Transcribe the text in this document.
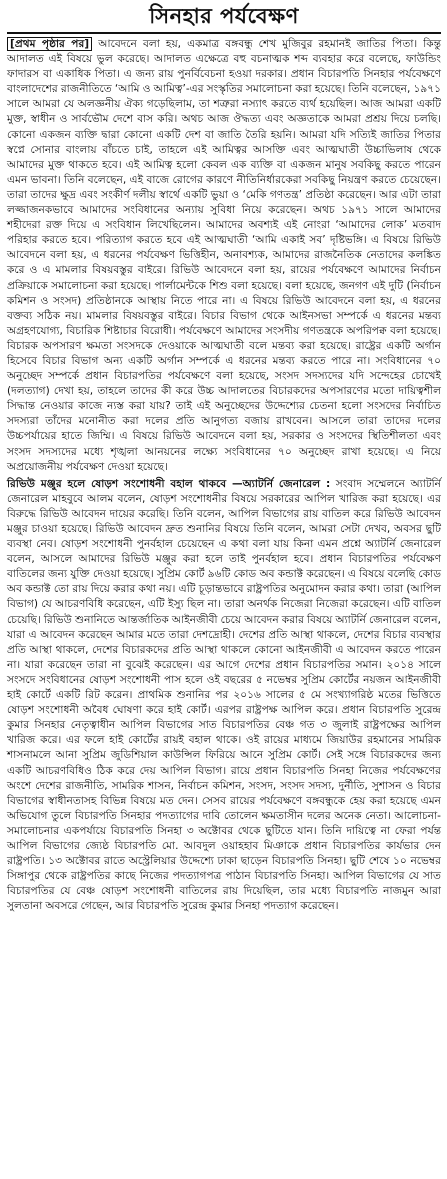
সিনহার পর্যবেক্ষণ

[প্রথম পৃষ্ঠার পর] আবেদনে বলা হয়, একমাত্র বঙ্গবন্ধু শেখ মুজিবুর রহমানই জাতির পিতা। কিন্তু আদালত এই বিষয়ে ভুল করেছে। আদালত এক্ষেত্রে বহু বচনাত্মক শব্দ ব্যবহার করে বলেছে, ফাউন্ডিং ফাদারস বা একাধিক পিতা। এ জন্য রায় পুনর্বিবেচনা হওয়া দরকার। প্রধান বিচারপতি সিনহার পর্যবেক্ষণে বাংলাদেশের রাজনীতিতে ‘আমি ও আমিত্ব’-এর সংস্কৃতির সমালোচনা করা হয়েছে। তিনি বলেছেন, ১৯৭১ সালে আমরা যে অলজ্ঞনীয় ঐক্য গড়েছিলাম, তা শত্রুরা নস্যাৎ করতে ব্যর্থ হয়েছিল। আজ আমরা একটি মুক্ত, স্বাধীন ও সার্বভৌম দেশে বাস করি। অথচ আজ ঔদ্ধত্য এবং অজ্ঞতাকে আমরা প্রশ্রয় দিয়ে চলছি। কোনো একজন ব্যক্তি দ্বারা কোনো একটি দেশ বা জাতি তৈরি হয়নি। আমরা যদি সত্যিই জাতির পিতার স্বপ্নে সোনার বাংলায় বাঁচতে চাই, তাহলে এই আমিত্বর আসক্তি এবং আত্মঘাতী উচ্চাভিলাষ থেকে আমাদের মুক্ত থাকতে হবে। এই আমিত্ব হলো কেবল এক ব্যক্তি বা একজন মানুষ সবকিছু করতে পারেন এমন ভাবনা। তিনি বলেছেন, এই বাজে রোগের কারণে নীতিনির্ধারকেরা সবকিছু নিয়ন্ত্রণ করতে চেয়েছেন। তারা তাদের ক্ষুদ্র এবং সংকীর্ণ দলীয় স্বার্থে একটি ভুয়া ও ‘মেকি গণতন্ত্র’ প্রতিষ্ঠা করেছেন। আর এটা তারা লজ্জাজনকভাবে আমাদের সংবিধানের অন্যায় সুবিধা নিয়ে করেছেন। অথচ ১৯৭১ সালে আমাদের শহীদেরা রক্ত দিয়ে এ সংবিধান লিখেছিলেন। আমাদের অবশ্যই এই নোংরা ‘আমাদের লোক’ মতবাদ পরিহার করতে হবে। পরিত্যাগ করতে হবে এই আত্মঘাতী ‘আমি একাই সব’ দৃষ্টিভঙ্গি। এ বিষয়ে রিভিউ আবেদনে বলা হয়, এ ধরনের পর্যবেক্ষণ ভিত্তিহীন, অনাবশ্যক, আমাদের রাজনৈতিক নেতাদের কলঙ্কিত করে ও এ মামলার বিষয়বস্তুর বাইরে। রিভিউ আবেদনে বলা হয়, রায়ের পর্যবেক্ষণে আমাদের নির্বাচন প্রক্রিয়াকে সমালোচনা করা হয়েছে। পার্লামেন্টকে শিশু বলা হয়েছে। বলা হয়েছে, জনগণ এই দুটি (নির্বাচন কমিশন ও সংসদ) প্রতিষ্ঠানকে আস্থায় নিতে পারে না। এ বিষয়ে রিভিউ আবেদনে বলা হয়, এ ধরনের বক্তব্য সঠিক নয়। মামলার বিষয়বস্তুর বাইরে। বিচার বিভাগ থেকে আইনসভা সম্পর্কে এ ধরনের মন্তব্য অগ্রহণযোগ্য, বিচারিক শিষ্টাচার বিরোধী। পর্যবেক্ষণে আমাদের সংসদীয় গণতন্ত্রকে অপরিপক্ব বলা হয়েছে। বিচারক অপসারণ ক্ষমতা সংসদকে দেওয়াকে আত্মঘাতী বলে মন্তব্য করা হয়েছে। রাষ্ট্রের একটি অর্গান হিসেবে বিচার বিভাগ অন্য একটি অর্গান সম্পর্কে এ ধরনের মন্তব্য করতে পারে না। সংবিধানের ৭০ অনুচ্ছেদ সম্পর্কে প্রধান বিচারপতির পর্যবেক্ষণে বলা হয়েছে, সংসদ সদস্যদের যদি সন্দেহের চোখেই (দলত্যাগ) দেখা হয়, তাহলে তাদের কী করে উচ্চ আদালতের বিচারকদের অপসারণের মতো দায়িত্বশীল সিদ্ধান্ত নেওয়ার কাজে ন্যস্ত করা যায়? তাই এই অনুচ্ছেদের উদ্দেশ্যের চেতনা হলো সংসদের নির্বাচিত সদস্যরা তাঁদের মনোনীত করা দলের প্রতি আনুগত্য বজায় রাখবেন। আসলে তারা তাদের দলের উচ্চপর্যায়ের হাতে জিম্মি। এ বিষয়ে রিভিউ আবেদনে বলা হয়, সরকার ও সংসদের স্থিতিশীলতা এবং সংসদ সদস্যদের মধ্যে শৃঙ্খলা আনয়নের লক্ষ্যে সংবিধানের ৭০ অনুচ্ছেদ রাখা হয়েছে। এ নিয়ে অপ্রয়োজনীয় পর্যবেক্ষণ দেওয়া হয়েছে।

রিভিউ মঞ্জুর হলে ষোড়শ সংশোধনী বহাল থাকবে —অ্যাটর্নি জেনারেল : সংবাদ সম্মেলনে অ্যাটর্নি জেনারেল মাহবুবে আলম বলেন, ষোড়শ সংশোধনীর বিষয়ে সরকারের আপিল খারিজ করা হয়েছে। এর বিরুদ্ধে রিভিউ আবেদন দায়ের করেছি। তিনি বলেন, আপিল বিভাগের রায় বাতিল করে রিভিউ আবেদন মঞ্জুর চাওয়া হয়েছে। রিভিউ আবেদন দ্রুত শুনানির বিষয়ে তিনি বলেন, আমরা সেটা দেখব, অবসর ছুটি ব্যবস্থা নেব। ষোড়শ সংশোধনী পুনর্বহাল চেয়েছেন এ কথা বলা যায় কিনা এমন প্রশ্নে অ্যাটর্নি জেনারেল বলেন, আসলে আমাদের রিভিউ মঞ্জুর করা হলে তাই পুনর্বহাল হবে। প্রধান বিচারপতির পর্যবেক্ষণ বাতিলের জন্য যুক্তি দেওয়া হয়েছে। সুপ্রিম কোর্ট ৯৬টি কোড অব কন্ডাক্ট করেছেন। এ বিষয়ে বলেছি কোড অব কন্ডাক্ট তো রায় দিয়ে করার কথা নয়। এটি চূড়ান্তভাবে রাষ্ট্রপতির অনুমোদন করার কথা। তারা (আপিল বিভাগ) যে আচরণবিধি করেছেন, এটি ইস্যু ছিল না। তারা অনর্থক নিজেরা নিজেরা করেছেন। এটি বাতিল চেয়েছি। রিভিউ শুনানিতে আন্তর্জাতিক আইনজীবী চেয়ে আবেদন করার বিষয়ে অ্যাটর্নি জেনারেল বলেন, যারা এ আবেদন করেছেন আমার মতে তারা দেশদ্রোহী। দেশের প্রতি আস্থা থাকলে, দেশের বিচার ব্যবস্থার প্রতি আস্থা থাকলে, দেশের বিচারকদের প্রতি আস্থা থাকলে কোনো আইনজীবী এ আবেদন করতে পারেন না। যারা করেছেন তারা না বুঝেই করেছেন। এর আগে দেশের প্রধান বিচারপতির সমান। ২০১৪ সালে সংসদে সংবিধানের ষোড়শ সংশোধনী পাস হলে ওই বছরের ৫ নভেম্বর সুপ্রিম কোর্টের নয়জন আইনজীবী হাই কোর্টে একটি রিট করেন। প্রাথমিক শুনানির পর ২০১৬ সালের ৫ মে সংখ্যাগরিষ্ঠ মতের ভিত্তিতে ষোড়শ সংশোধনী অবৈধ ঘোষণা করে হাই কোর্ট। এরপর রাষ্ট্রপক্ষ আপিল করে। প্রধান বিচারপতি সুরেন্দ্র কুমার সিনহার নেতৃত্বাধীন আপিল বিভাগের সাত বিচারপতির বেঞ্চ গত ৩ জুলাই রাষ্ট্রপক্ষের আপিল খারিজ করে। এর ফলে হাই কোর্টের রায়ই বহাল থাকে। ওই রায়ের মাধ্যমে জিয়াউর রহমানের সামরিক শাসনামলে আনা সুপ্রিম জুডিশিয়াল কাউন্সিল ফিরিয়ে আনে সুপ্রিম কোর্ট। সেই সঙ্গে বিচারকদের জন্য একটি আচরণবিধিও ঠিক করে দেয় আপিল বিভাগ। রায়ে প্রধান বিচারপতি সিনহা নিজের পর্যবেক্ষণের অংশে দেশের রাজনীতি, সামরিক শাসন, নির্বাচন কমিশন, সংসদ, সংসদ সদস্য, দুর্নীতি, সুশাসন ও বিচার বিভাগের স্বাধীনতাসহ বিভিন্ন বিষয়ে মত দেন। সেসব রায়ের পর্যবেক্ষণে বঙ্গবন্ধুকে হেয় করা হয়েছে এমন অভিযোগ তুলে বিচারপতি সিনহার পদত্যাগের দাবি তোলেন ক্ষমতাসীন দলের অনেক নেতা। আলোচনা-সমালোচনার একপর্যায়ে বিচারপতি সিনহা ৩ অক্টোবর থেকে ছুটিতে যান। তিনি দায়িত্বে না ফেরা পর্যন্ত আপিল বিভাগের জ্যেষ্ঠ বিচারপতি মো. আবদুল ওয়াহহাব মিঞাকে প্রধান বিচারপতির কার্যভার দেন রাষ্ট্রপতি। ১৩ অক্টোবর রাতে অস্ট্রেলিয়ার উদ্দেশ্যে ঢাকা ছাড়েন বিচারপতি সিনহা। ছুটি শেষে ১০ নভেম্বর সিঙ্গাপুর থেকে রাষ্ট্রপতির কাছে নিজের পদত্যাগপত্র পাঠান বিচারপতি সিনহা। আপিল বিভাগের যে সাত বিচারপতির যে বেঞ্চ ষোড়শ সংশোধনী বাতিলের রায় দিয়েছিল, তার মধ্যে বিচারপতি নাজমুন আরা সুলতানা অবসরে গেছেন, আর বিচারপতি সুরেন্দ্র কুমার সিনহা পদত্যাগ করেছেন।
